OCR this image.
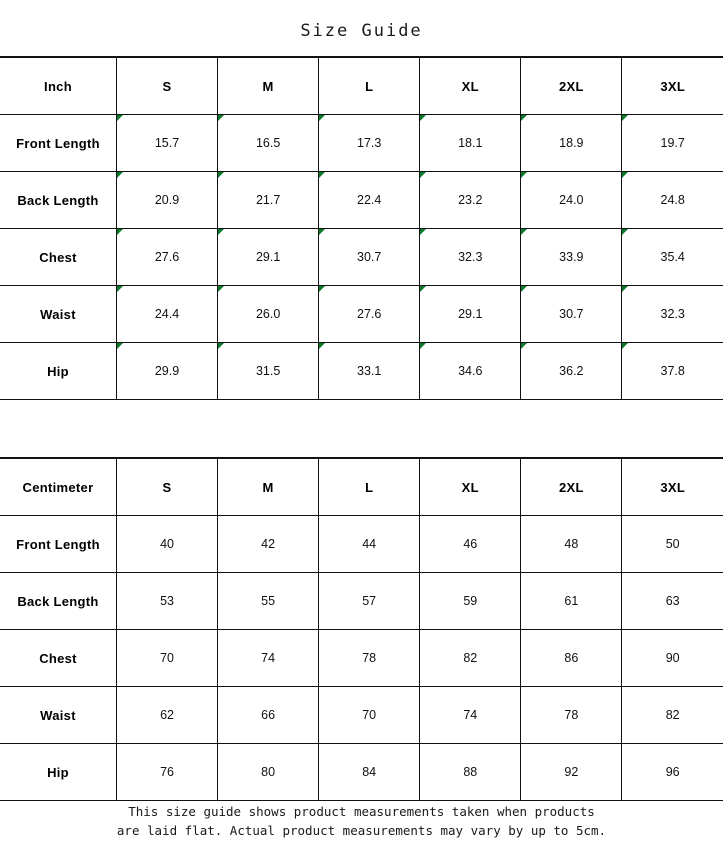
Size Guide
Inch	S	M	L	XL	2XL	3XL
Front Length	15.7	16.5	17.3	18.1	18.9	19.7
Back Length	20.9	21.7	22.4	23.2	24.0	24.8
Chest	27.6	29.1	30.7	32.3	33.9	35.4
Waist	24.4	26.0	27.6	29.1	30.7	32.3
Hip	29.9	31.5	33.1	34.6	36.2	37.8
Centimeter	S	M	L	XL	2XL	3XL
Front Length	40	42	44	46	48	50
Back Length	53	55	57	59	61	63
Chest	70	74	78	82	86	90
Waist	62	66	70	74	78	82
Hip	76	80	84	88	92	96
This size guide shows product measurements taken when products
are laid flat. Actual product measurements may vary by up to 5cm.
